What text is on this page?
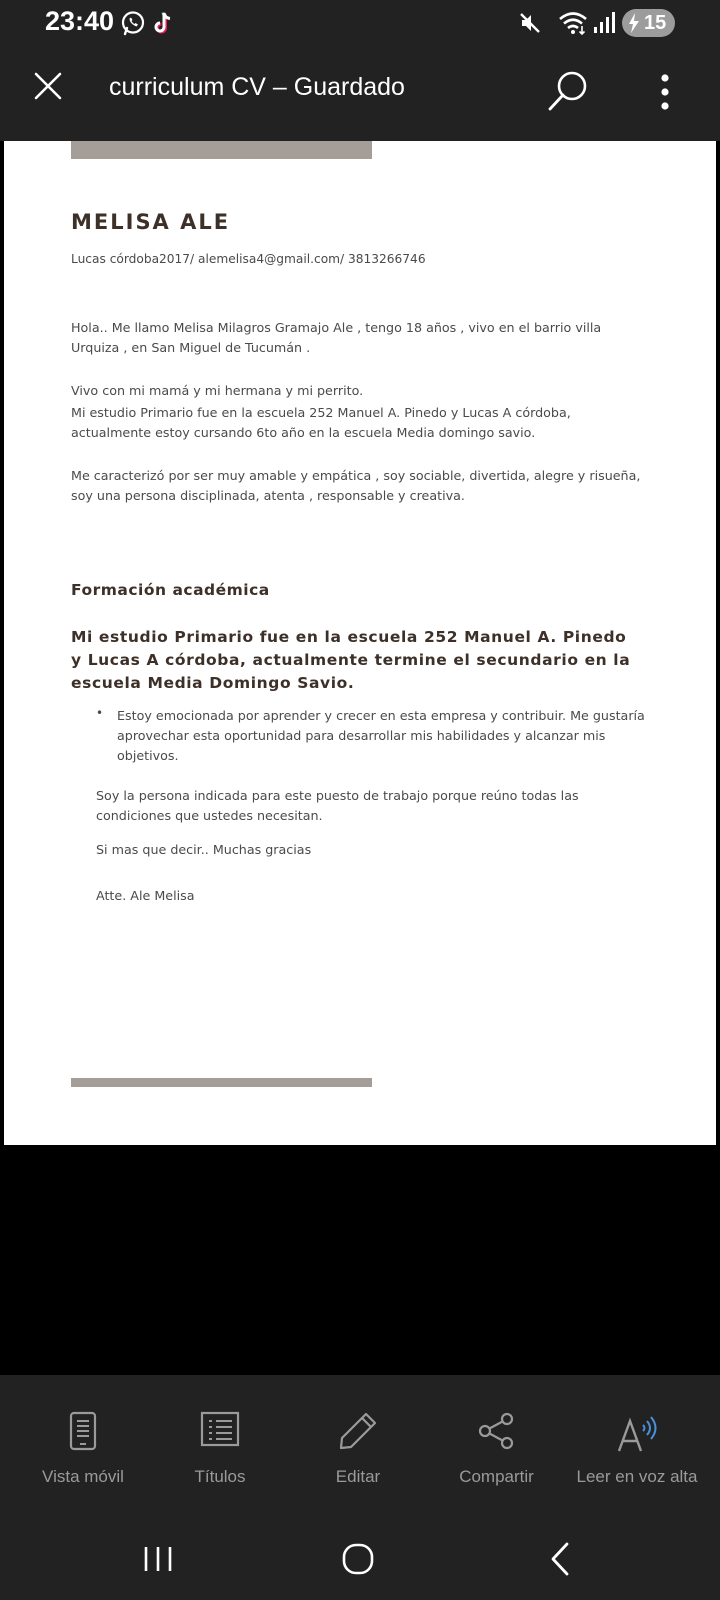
23:40	15
curriculum CV – Guardado
MELISA ALE
Lucas córdoba2017/ alemelisa4@gmail.com/ 3813266746
Hola.. Me llamo Melisa Milagros Gramajo Ale , tengo 18 años , vivo en el barrio villa Urquiza , en San Miguel de Tucumán .
Vivo con mi mamá y mi hermana y mi perrito.
Mi estudio Primario fue en la escuela 252 Manuel A. Pinedo y Lucas A córdoba, actualmente estoy cursando 6to año en la escuela Media domingo savio.
Me caracterizó por ser muy amable y empática , soy sociable, divertida, alegre y risueña, soy una persona disciplinada, atenta , responsable y creativa.
Formación académica
Mi estudio Primario fue en la escuela 252 Manuel A. Pinedo y Lucas A córdoba, actualmente termine el secundario en la escuela Media Domingo Savio.
• Estoy emocionada por aprender y crecer en esta empresa y contribuir. Me gustaría aprovechar esta oportunidad para desarrollar mis habilidades y alcanzar mis objetivos.
Soy la persona indicada para este puesto de trabajo porque reúno todas las condiciones que ustedes necesitan.
Si mas que decir.. Muchas gracias
Atte. Ale Melisa
Vista móvil	Títulos	Editar	Compartir	Leer en voz alta
